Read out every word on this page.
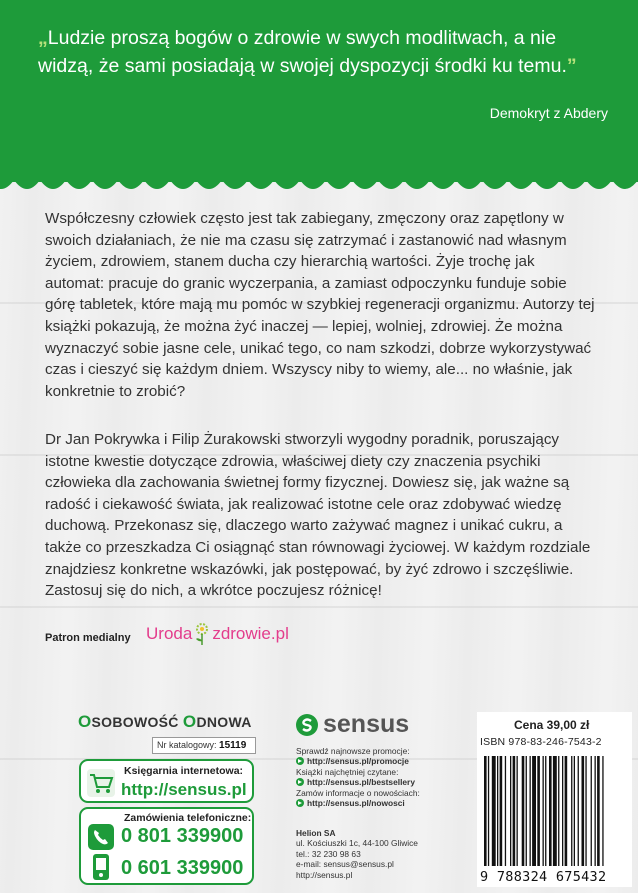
„Ludzie proszą bogów o zdrowie w swych modlitwach, a nie widzą, że sami posiadają w swojej dyspozycji środki ku temu.”
Demokryt z Abdery

Współczesny człowiek często jest tak zabiegany, zmęczony oraz zapętlony w swoich działaniach, że nie ma czasu się zatrzymać i zastanowić nad własnym życiem, zdrowiem, stanem ducha czy hierarchią wartości. Żyje trochę jak automat: pracuje do granic wyczerpania, a zamiast odpoczynku funduje sobie górę tabletek, które mają mu pomóc w szybkiej regeneracji organizmu. Autorzy tej książki pokazują, że można żyć inaczej — lepiej, wolniej, zdrowiej. Że można wyznaczyć sobie jasne cele, unikać tego, co nam szkodzi, dobrze wykorzystywać czas i cieszyć się każdym dniem. Wszyscy niby to wiemy, ale... no właśnie, jak konkretnie to zrobić?

Dr Jan Pokrywka i Filip Żurakowski stworzyli wygodny poradnik, poruszający istotne kwestie dotyczące zdrowia, właściwej diety czy znaczenia psychiki człowieka dla zachowania świetnej formy fizycznej. Dowiesz się, jak ważne są radość i ciekawość świata, jak realizować istotne cele oraz zdobywać wiedzę duchową. Przekonasz się, dlaczego warto zażywać magnez i unikać cukru, a także co przeszkadza Ci osiągnąć stan równowagi życiowej. W każdym rozdziale znajdziesz konkretne wskazówki, jak postępować, by żyć zdrowo i szczęśliwie. Zastosuj się do nich, a wkrótce poczujesz różnicę!

Patron medialny Uroda zdrowie.pl
OSOBOWOŚĆ ODNOWA
Nr katalogowy: 15119
Księgarnia internetowa:
http://sensus.pl
Zamówienia telefoniczne:
0 801 339900
0 601 339900
sensus
Sprawdź najnowsze promocje:
http://sensus.pl/promocje
Książki najchętniej czytane:
http://sensus.pl/bestsellery
Zamów informacje o nowościach:
http://sensus.pl/nowosci
Helion SA
ul. Kościuszki 1c, 44-100 Gliwice
tel.: 32 230 98 63
e-mail: sensus@sensus.pl
http://sensus.pl
Cena 39,00 zł
ISBN 978-83-246-7543-2
9 788324 675432
